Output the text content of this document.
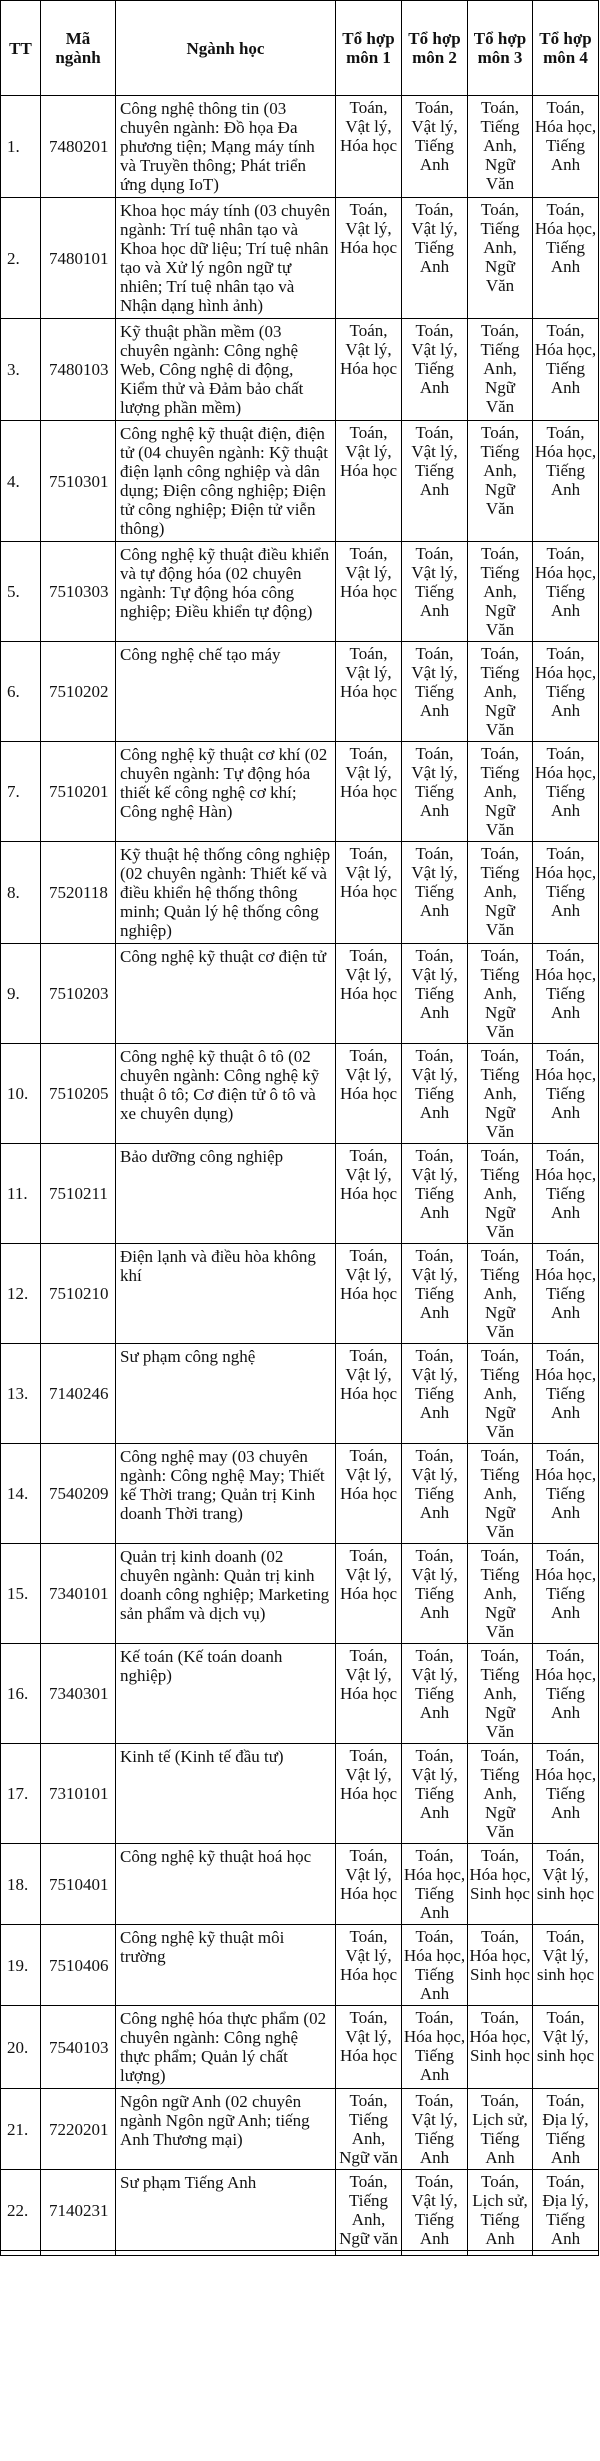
TT	Mã ngành	Ngành học	Tổ hợp môn 1	Tổ hợp môn 2	Tổ hợp môn 3	Tổ hợp môn 4
1.	7480201	Công nghệ thông tin (03 chuyên ngành: Đồ họa Đa phương tiện; Mạng máy tính và Truyền thông; Phát triển ứng dụng IoT)	Toán, Vật lý, Hóa học	Toán, Vật lý, Tiếng Anh	Toán, Tiếng Anh, Ngữ Văn	Toán, Hóa học, Tiếng Anh
2.	7480101	Khoa học máy tính (03 chuyên ngành: Trí tuệ nhân tạo và Khoa học dữ liệu; Trí tuệ nhân tạo và Xử lý ngôn ngữ tự nhiên; Trí tuệ nhân tạo và Nhận dạng hình ảnh)	Toán, Vật lý, Hóa học	Toán, Vật lý, Tiếng Anh	Toán, Tiếng Anh, Ngữ Văn	Toán, Hóa học, Tiếng Anh
3.	7480103	Kỹ thuật phần mềm (03 chuyên ngành: Công nghệ Web, Công nghệ di động, Kiểm thử và Đảm bảo chất lượng phần mềm)	Toán, Vật lý, Hóa học	Toán, Vật lý, Tiếng Anh	Toán, Tiếng Anh, Ngữ Văn	Toán, Hóa học, Tiếng Anh
4.	7510301	Công nghệ kỹ thuật điện, điện tử (04 chuyên ngành: Kỹ thuật điện lạnh công nghiệp và dân dụng; Điện công nghiệp; Điện tử công nghiệp; Điện tử viễn thông)	Toán, Vật lý, Hóa học	Toán, Vật lý, Tiếng Anh	Toán, Tiếng Anh, Ngữ Văn	Toán, Hóa học, Tiếng Anh
5.	7510303	Công nghệ kỹ thuật điều khiển và tự động hóa (02 chuyên ngành: Tự động hóa công nghiệp; Điều khiển tự động)	Toán, Vật lý, Hóa học	Toán, Vật lý, Tiếng Anh	Toán, Tiếng Anh, Ngữ Văn	Toán, Hóa học, Tiếng Anh
6.	7510202	Công nghệ chế tạo máy	Toán, Vật lý, Hóa học	Toán, Vật lý, Tiếng Anh	Toán, Tiếng Anh, Ngữ Văn	Toán, Hóa học, Tiếng Anh
7.	7510201	Công nghệ kỹ thuật cơ khí (02 chuyên ngành: Tự động hóa thiết kế công nghệ cơ khí; Công nghệ Hàn)	Toán, Vật lý, Hóa học	Toán, Vật lý, Tiếng Anh	Toán, Tiếng Anh, Ngữ Văn	Toán, Hóa học, Tiếng Anh
8.	7520118	Kỹ thuật hệ thống công nghiệp (02 chuyên ngành: Thiết kế và điều khiển hệ thống thông minh; Quản lý hệ thống công nghiệp)	Toán, Vật lý, Hóa học	Toán, Vật lý, Tiếng Anh	Toán, Tiếng Anh, Ngữ Văn	Toán, Hóa học, Tiếng Anh
9.	7510203	Công nghệ kỹ thuật cơ điện tử	Toán, Vật lý, Hóa học	Toán, Vật lý, Tiếng Anh	Toán, Tiếng Anh, Ngữ Văn	Toán, Hóa học, Tiếng Anh
10.	7510205	Công nghệ kỹ thuật ô tô (02 chuyên ngành: Công nghệ kỹ thuật ô tô; Cơ điện tử ô tô và xe chuyên dụng)	Toán, Vật lý, Hóa học	Toán, Vật lý, Tiếng Anh	Toán, Tiếng Anh, Ngữ Văn	Toán, Hóa học, Tiếng Anh
11.	7510211	Bảo dưỡng công nghiệp	Toán, Vật lý, Hóa học	Toán, Vật lý, Tiếng Anh	Toán, Tiếng Anh, Ngữ Văn	Toán, Hóa học, Tiếng Anh
12.	7510210	Điện lạnh và điều hòa không khí	Toán, Vật lý, Hóa học	Toán, Vật lý, Tiếng Anh	Toán, Tiếng Anh, Ngữ Văn	Toán, Hóa học, Tiếng Anh
13.	7140246	Sư phạm công nghệ	Toán, Vật lý, Hóa học	Toán, Vật lý, Tiếng Anh	Toán, Tiếng Anh, Ngữ Văn	Toán, Hóa học, Tiếng Anh
14.	7540209	Công nghệ may (03 chuyên ngành: Công nghệ May; Thiết kế Thời trang; Quản trị Kinh doanh Thời trang)	Toán, Vật lý, Hóa học	Toán, Vật lý, Tiếng Anh	Toán, Tiếng Anh, Ngữ Văn	Toán, Hóa học, Tiếng Anh
15.	7340101	Quản trị kinh doanh (02 chuyên ngành: Quản trị kinh doanh công nghiệp; Marketing sản phẩm và dịch vụ)	Toán, Vật lý, Hóa học	Toán, Vật lý, Tiếng Anh	Toán, Tiếng Anh, Ngữ Văn	Toán, Hóa học, Tiếng Anh
16.	7340301	Kế toán (Kế toán doanh nghiệp)	Toán, Vật lý, Hóa học	Toán, Vật lý, Tiếng Anh	Toán, Tiếng Anh, Ngữ Văn	Toán, Hóa học, Tiếng Anh
17.	7310101	Kinh tế (Kinh tế đầu tư)	Toán, Vật lý, Hóa học	Toán, Vật lý, Tiếng Anh	Toán, Tiếng Anh, Ngữ Văn	Toán, Hóa học, Tiếng Anh
18.	7510401	Công nghệ kỹ thuật hoá học	Toán, Vật lý, Hóa học	Toán, Hóa học, Tiếng Anh	Toán, Hóa học, Sinh học	Toán, Vật lý, sinh học
19.	7510406	Công nghệ kỹ thuật môi trường	Toán, Vật lý, Hóa học	Toán, Hóa học, Tiếng Anh	Toán, Hóa học, Sinh học	Toán, Vật lý, sinh học
20.	7540103	Công nghệ hóa thực phẩm (02 chuyên ngành: Công nghệ thực phẩm; Quản lý chất lượng)	Toán, Vật lý, Hóa học	Toán, Hóa học, Tiếng Anh	Toán, Hóa học, Sinh học	Toán, Vật lý, sinh học
21.	7220201	Ngôn ngữ Anh (02 chuyên ngành Ngôn ngữ Anh; tiếng Anh Thương mại)	Toán, Tiếng Anh, Ngữ văn	Toán, Vật lý, Tiếng Anh	Toán, Lịch sử, Tiếng Anh	Toán, Địa lý, Tiếng Anh
22.	7140231	Sư phạm Tiếng Anh	Toán, Tiếng Anh, Ngữ văn	Toán, Vật lý, Tiếng Anh	Toán, Lịch sử, Tiếng Anh	Toán, Địa lý, Tiếng Anh
